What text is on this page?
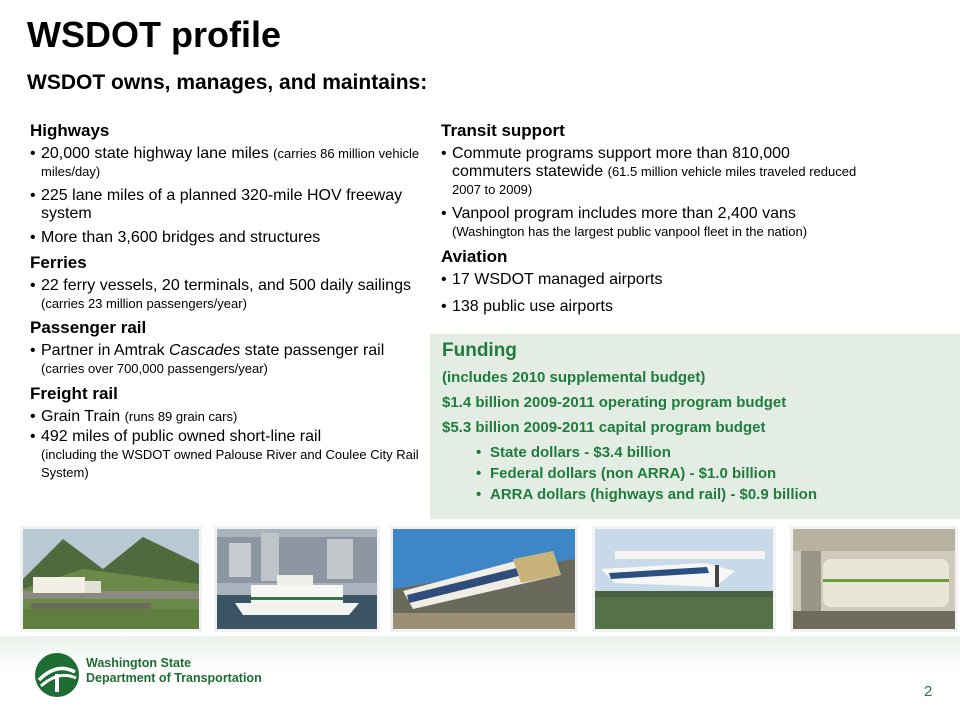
WSDOT profile
WSDOT owns, manages, and maintains:
Highways
• 20,000 state highway lane miles (carries 86 million vehicle miles/day)
• 225 lane miles of a planned 320-mile HOV freeway system
• More than 3,600 bridges and structures
Ferries
• 22 ferry vessels, 20 terminals, and 500 daily sailings (carries 23 million passengers/year)
Passenger rail
• Partner in Amtrak Cascades state passenger rail (carries over 700,000 passengers/year)
Freight rail
• Grain Train (runs 89 grain cars)
• 492 miles of public owned short-line rail
(including the WSDOT owned Palouse River and Coulee City Rail System)
Transit support
• Commute programs support more than 810,000 commuters statewide (61.5 million vehicle miles traveled reduced 2007 to 2009)
• Vanpool program includes more than 2,400 vans
(Washington has the largest public vanpool fleet in the nation)
Aviation
• 17 WSDOT managed airports
• 138 public use airports
Funding
(includes 2010 supplemental budget)
$1.4 billion 2009-2011 operating program budget
$5.3 billion 2009-2011 capital program budget
• State dollars - $3.4 billion
• Federal dollars (non ARRA) - $1.0 billion
• ARRA dollars (highways and rail) - $0.9 billion
Washington State
Department of Transportation
2
